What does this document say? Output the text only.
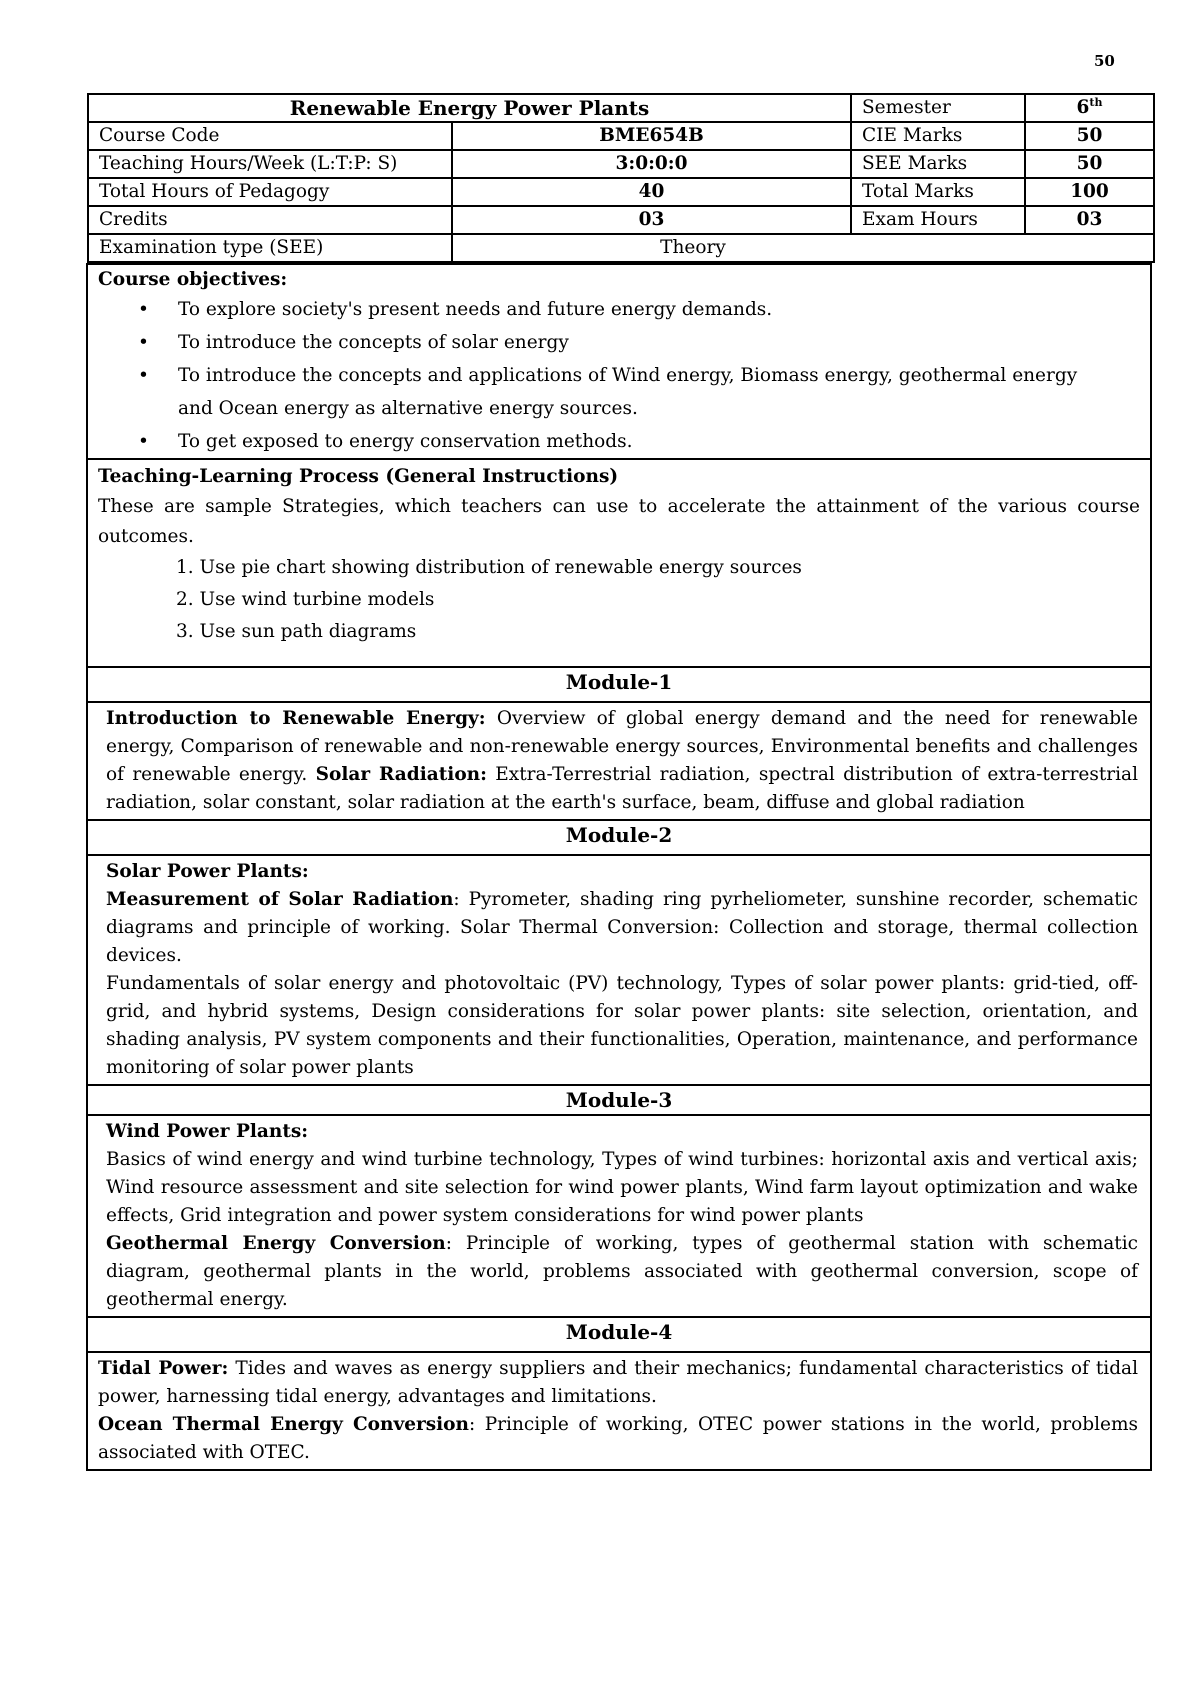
50
Renewable Energy Power Plants	Semester	6th
Course Code	BME654B	CIE Marks	50
Teaching Hours/Week (L:T:P: S)	3:0:0:0	SEE Marks	50
Total Hours of Pedagogy	40	Total Marks	100
Credits	03	Exam Hours	03
Examination type (SEE)	Theory

Course objectives:
• To explore society's present needs and future energy demands.
• To introduce the concepts of solar energy
• To introduce the concepts and applications of Wind energy, Biomass energy, geothermal energy and Ocean energy as alternative energy sources.
• To get exposed to energy conservation methods.

Teaching-Learning Process (General Instructions)
These are sample Strategies, which teachers can use to accelerate the attainment of the various course outcomes.
1. Use pie chart showing distribution of renewable energy sources
2. Use wind turbine models
3. Use sun path diagrams

Module-1

Introduction to Renewable Energy: Overview of global energy demand and the need for renewable energy, Comparison of renewable and non-renewable energy sources, Environmental benefits and challenges of renewable energy. Solar Radiation: Extra-Terrestrial radiation, spectral distribution of extra-terrestrial radiation, solar constant, solar radiation at the earth's surface, beam, diffuse and global radiation

Module-2

Solar Power Plants:

Measurement of Solar Radiation: Pyrometer, shading ring pyrheliometer, sunshine recorder, schematic diagrams and principle of working. Solar Thermal Conversion: Collection and storage, thermal collection devices.

Fundamentals of solar energy and photovoltaic (PV) technology, Types of solar power plants: grid-tied, off-grid, and hybrid systems, Design considerations for solar power plants: site selection, orientation, and shading analysis, PV system components and their functionalities, Operation, maintenance, and performance monitoring of solar power plants

Module-3

Wind Power Plants:

Basics of wind energy and wind turbine technology, Types of wind turbines: horizontal axis and vertical axis; Wind resource assessment and site selection for wind power plants, Wind farm layout optimization and wake effects, Grid integration and power system considerations for wind power plants

Geothermal Energy Conversion: Principle of working, types of geothermal station with schematic diagram, geothermal plants in the world, problems associated with geothermal conversion, scope of geothermal energy.

Module-4

Tidal Power: Tides and waves as energy suppliers and their mechanics; fundamental characteristics of tidal power, harnessing tidal energy, advantages and limitations.

Ocean Thermal Energy Conversion: Principle of working, OTEC power stations in the world, problems associated with OTEC.
